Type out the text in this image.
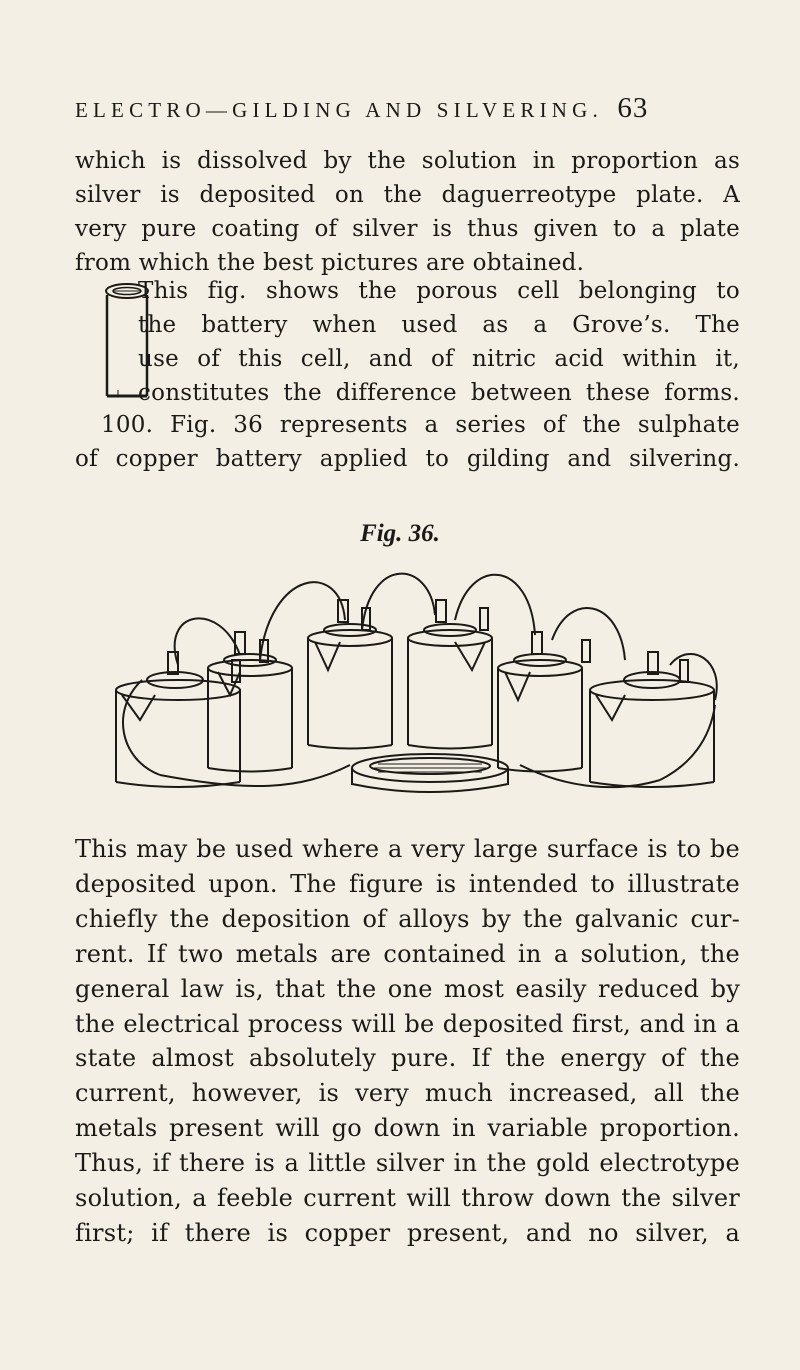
ELECTRO—GILDING AND SILVERING. 63
which is dissolved by the solution in proportion as
silver is deposited on the daguerreotype plate. A
very pure coating of silver is thus given to a plate
from which the best pictures are obtained.
This fig. shows the porous cell belonging to
the battery when used as a Grove’s. The
use of this cell, and of nitric acid within it,
constitutes the difference between these forms.
100. Fig. 36 represents a series of the sulphate
of copper battery applied to gilding and silvering.
Fig. 36.
This may be used where a very large surface is to be
deposited upon. The figure is intended to illustrate
chiefly the deposition of alloys by the galvanic cur-
rent. If two metals are contained in a solution, the
general law is, that the one most easily reduced by
the electrical process will be deposited first, and in a
state almost absolutely pure. If the energy of the
current, however, is very much increased, all the
metals present will go down in variable proportion.
Thus, if there is a little silver in the gold electrotype
solution, a feeble current will throw down the silver
first; if there is copper present, and no silver, a
